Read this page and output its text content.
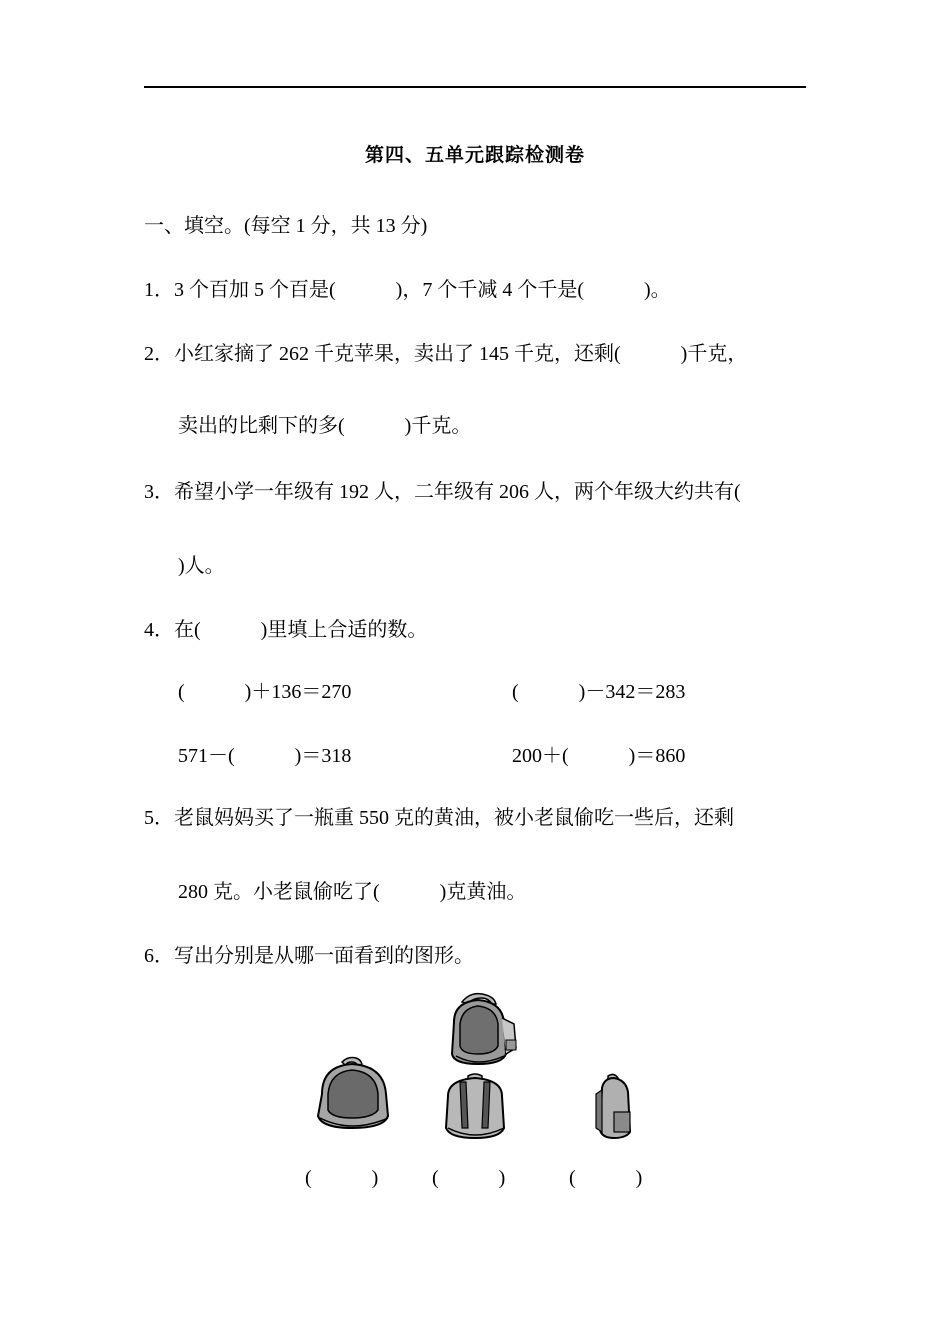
第四、五单元跟踪检测卷
一、填空。(每空 1 分，共 13 分)
1．3 个百加 5 个百是(            )，7 个千减 4 个千是(            )。
2．小红家摘了 262 千克苹果，卖出了 145 千克，还剩(            )千克，
卖出的比剩下的多(            )千克。
3．希望小学一年级有 192 人，二年级有 206 人，两个年级大约共有(
)人。
4．在(            )里填上合适的数。
(            )＋136＝270	(            )－342＝283
571－(            )＝318	200＋(            )＝860
5．老鼠妈妈买了一瓶重 550 克的黄油，被小老鼠偷吃一些后，还剩
280 克。小老鼠偷吃了(            )克黄油。
6．写出分别是从哪一面看到的图形。
(            )	(            )	(            )
